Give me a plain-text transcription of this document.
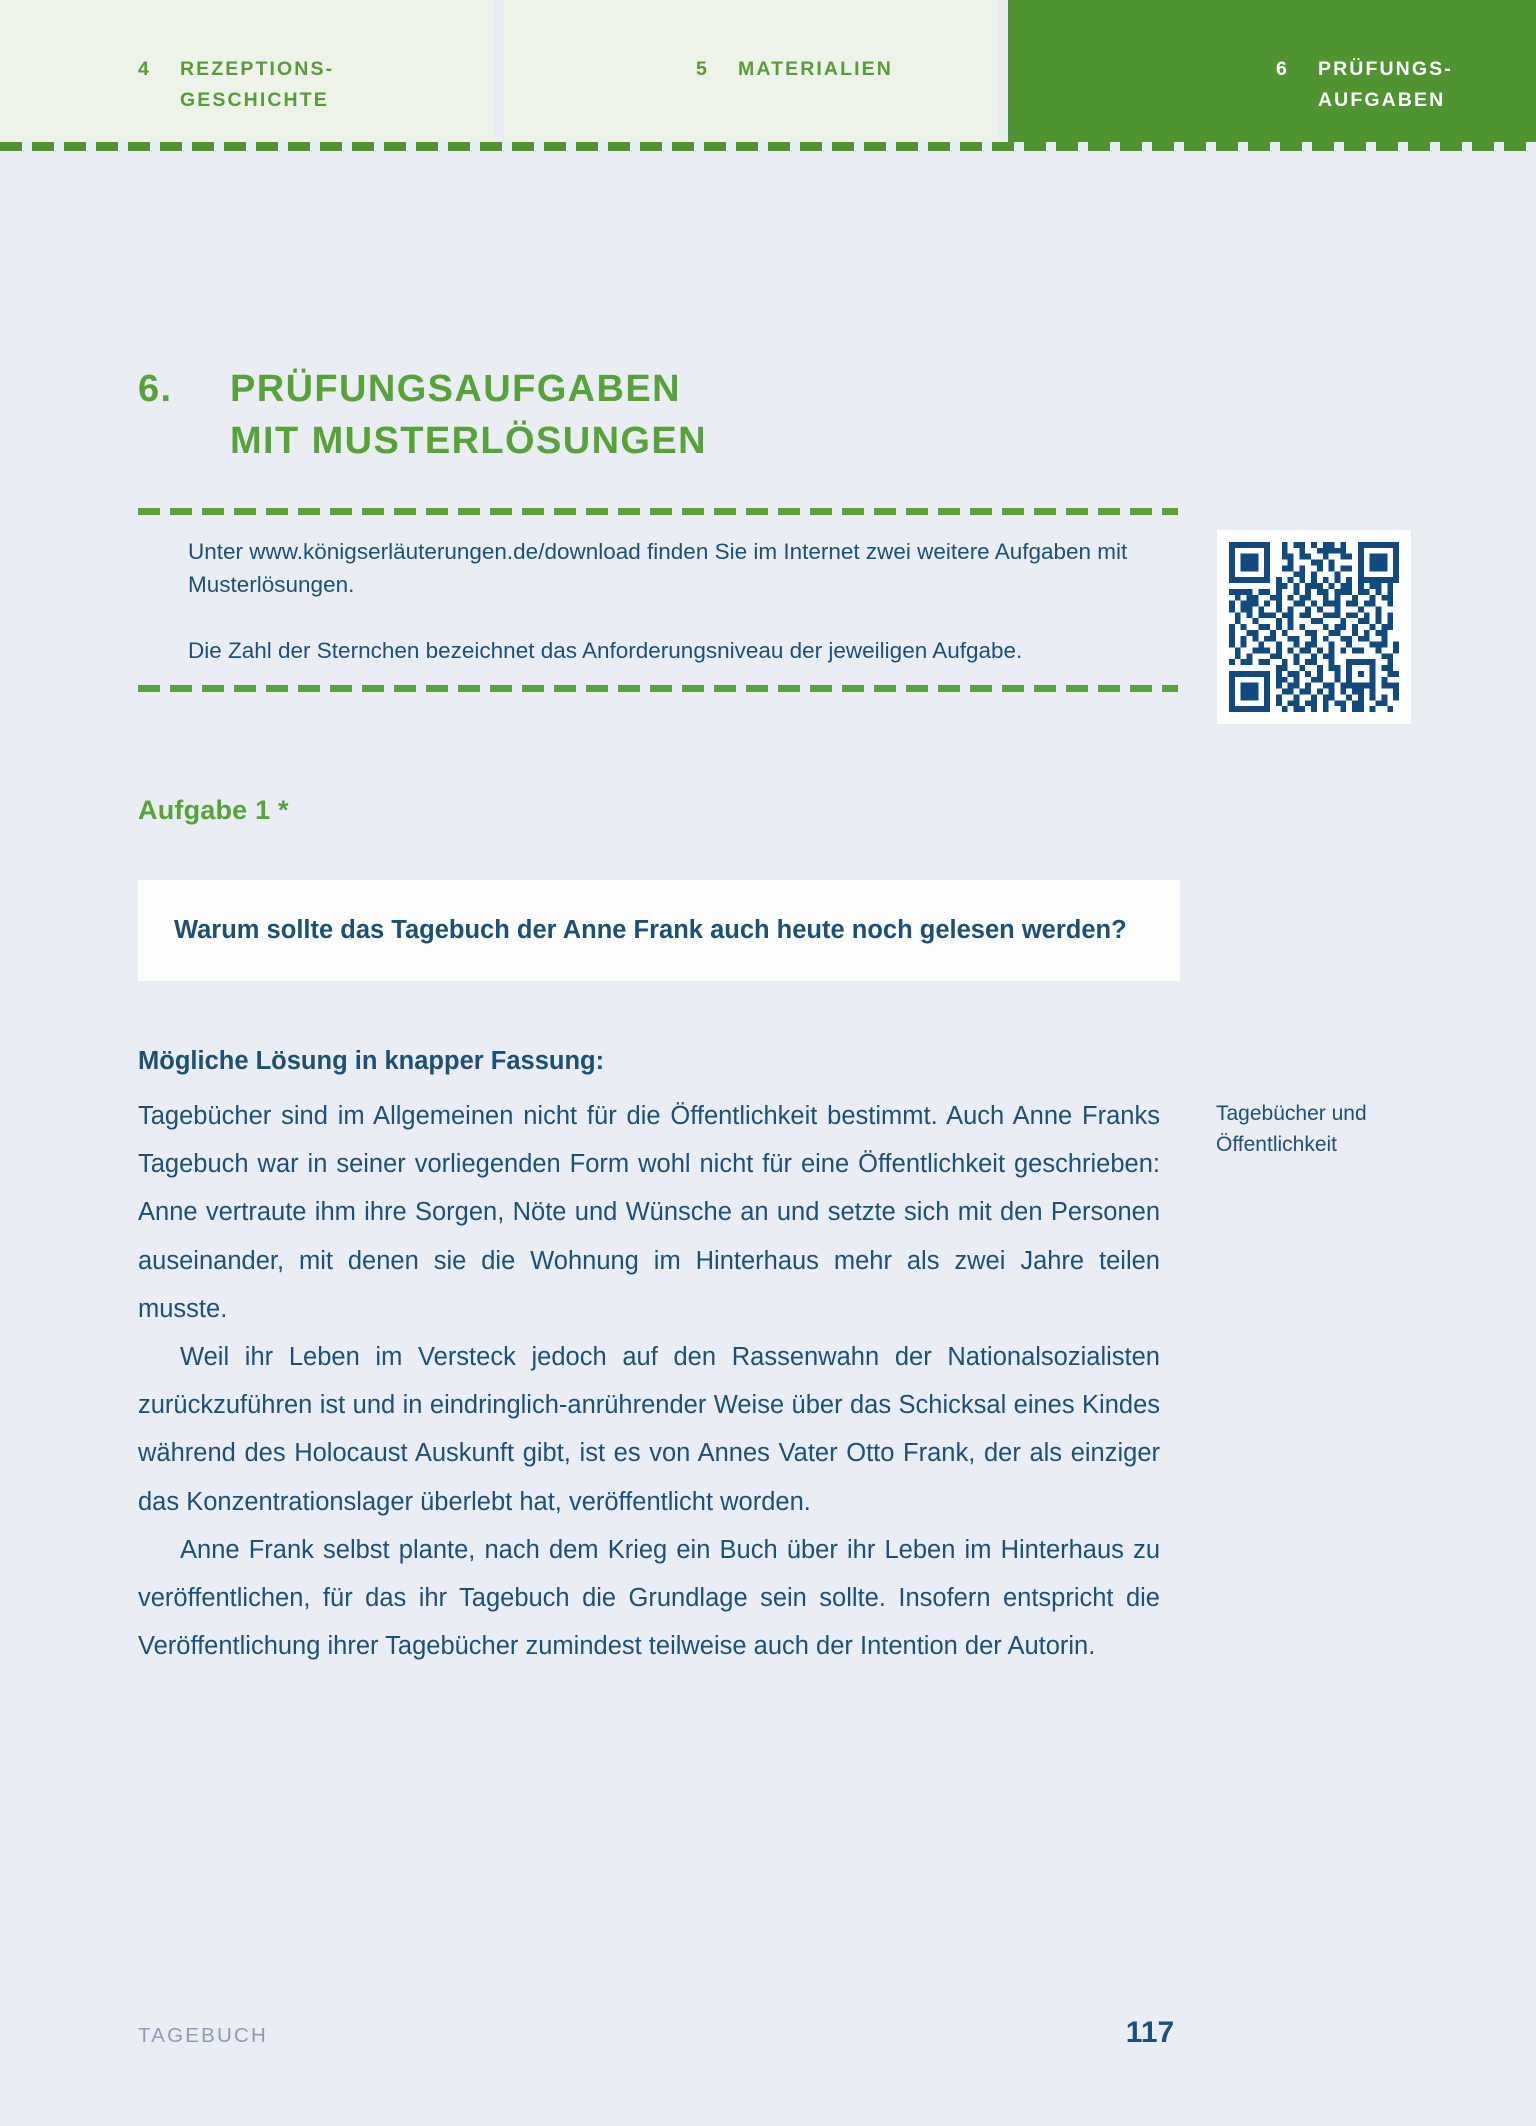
4	REZEPTIONS-
GESCHICHTE
5	MATERIALIEN	6	PRÜFUNGS-
AUFGABEN
6. PRÜFUNGSAUFGABEN
MIT MUSTERLÖSUNGEN

Unter www.königserläuterungen.de/download finden Sie im Internet zwei weitere Aufgaben mit Musterlösungen.

Die Zahl der Sternchen bezeichnet das Anforderungsniveau der jeweiligen Aufgabe.

Aufgabe 1 *

Warum sollte das Tagebuch der Anne Frank auch heute noch gelesen werden?

Mögliche Lösung in knapper Fassung:

Tagebücher sind im Allgemeinen nicht für die Öffentlichkeit bestimmt. Auch Anne Franks Tagebuch war in seiner vorliegenden Form wohl nicht für eine Öffentlichkeit geschrieben: Anne vertraute ihm ihre Sorgen, Nöte und Wünsche an und setzte sich mit den Personen auseinander, mit denen sie die Wohnung im Hinterhaus mehr als zwei Jahre teilen musste.

Weil ihr Leben im Versteck jedoch auf den Rassenwahn der Nationalsozialisten zurückzuführen ist und in eindringlich-anrührender Weise über das Schicksal eines Kindes während des Holocaust Auskunft gibt, ist es von Annes Vater Otto Frank, der als einziger das Konzentrationslager überlebt hat, veröffentlicht worden.

Anne Frank selbst plante, nach dem Krieg ein Buch über ihr Leben im Hinterhaus zu veröffentlichen, für das ihr Tagebuch die Grundlage sein sollte. Insofern entspricht die Veröffentlichung ihrer Tagebücher zumindest teilweise auch der Intention der Autorin.

Tagebücher und Öffentlichkeit
TAGEBUCH	117
